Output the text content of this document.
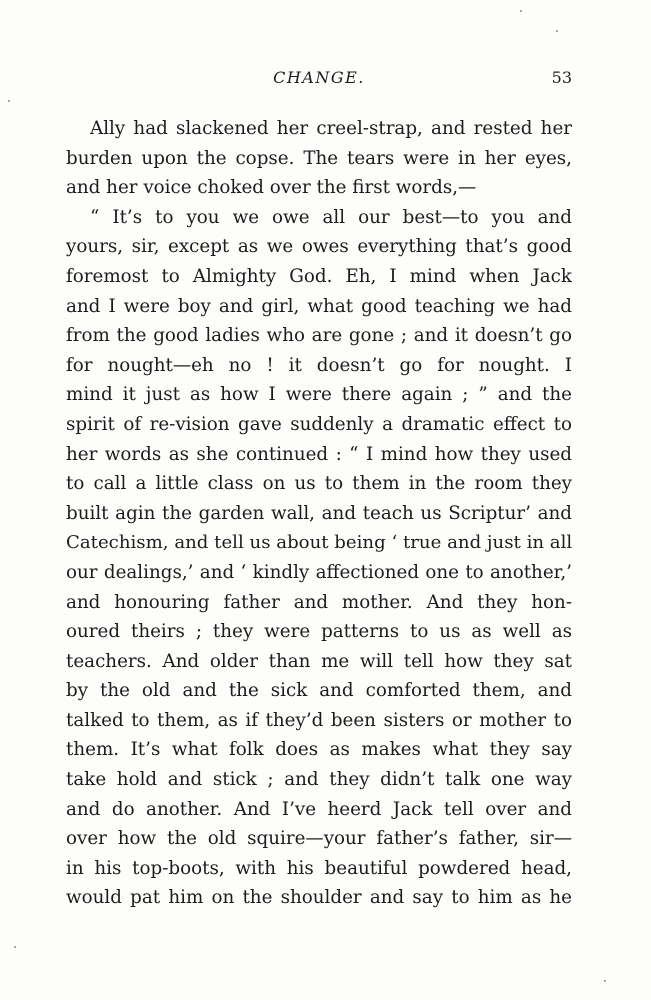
CHANGE.	53
Ally had slackened her creel-strap, and rested her
burden upon the copse. The tears were in her eyes,
and her voice choked over the first words,—
“ It’s to you we owe all our best—to you and
yours, sir, except as we owes everything that’s good
foremost to Almighty God. Eh, I mind when Jack
and I were boy and girl, what good teaching we had
from the good ladies who are gone ; and it doesn’t go
for nought—eh no ! it doesn’t go for nought. I
mind it just as how I were there again ; ” and the
spirit of re-vision gave suddenly a dramatic effect to
her words as she continued : “ I mind how they used
to call a little class on us to them in the room they
built agin the garden wall, and teach us Scriptur’ and
Catechism, and tell us about being ‘ true and just in all
our dealings,’ and ‘ kindly affectioned one to another,’
and honouring father and mother. And they hon-
oured theirs ; they were patterns to us as well as
teachers. And older than me will tell how they sat
by the old and the sick and comforted them, and
talked to them, as if they’d been sisters or mother to
them. It’s what folk does as makes what they say
take hold and stick ; and they didn’t talk one way
and do another. And I’ve heerd Jack tell over and
over how the old squire—your father’s father, sir—
in his top-boots, with his beautiful powdered head,
would pat him on the shoulder and say to him as he
